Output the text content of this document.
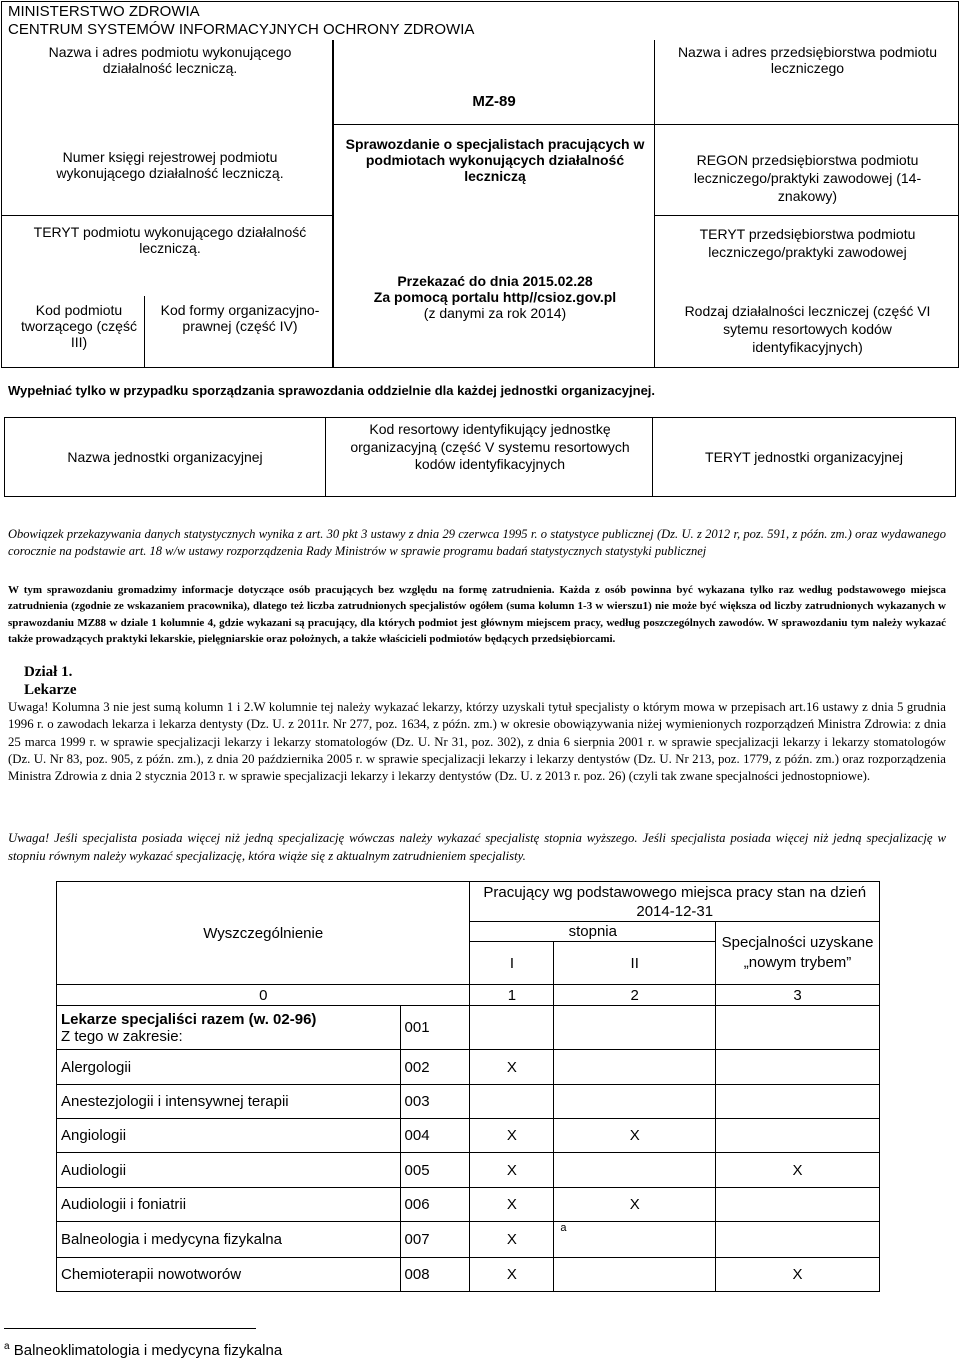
MINISTERSTWO ZDROWIA
CENTRUM SYSTEMÓW INFORMACYJNYCH OCHRONY ZDROWIA
Nazwa i adres podmiotu wykonującego działalność leczniczą.
Numer księgi rejestrowej podmiotu wykonującego działalność leczniczą.
TERYT podmiotu wykonującego działalność leczniczą.
Kod podmiotu tworzącego (część III)
Kod formy organizacyjno-prawnej (część IV)
MZ-89
Sprawozdanie o specjalistach pracujących w podmiotach wykonujących działalność leczniczą
Przekazać do dnia 2015.02.28
Za pomocą portalu http//csioz.gov.pl
(z danymi za rok 2014)
Nazwa i adres przedsiębiorstwa podmiotu leczniczego
REGON przedsiębiorstwa podmiotu leczniczego/praktyki zawodowej (14-znakowy)
TERYT przedsiębiorstwa podmiotu leczniczego/praktyki zawodowej
Rodzaj działalności leczniczej (część VI sytemu resortowych kodów identyfikacyjnych)
Wypełniać tylko w przypadku sporządzania sprawozdania oddzielnie dla każdej jednostki organizacyjnej.
Nazwa jednostki organizacyjnej
Kod resortowy identyfikujący jednostkę organizacyjną (część V systemu resortowych kodów identyfikacyjnych	TERYT jednostki organizacyjnej
Obowiązek przekazywania danych statystycznych wynika z art. 30 pkt 3 ustawy z dnia 29 czerwca 1995 r. o statystyce publicznej (Dz. U. z 2012 r, poz. 591, z późn. zm.) oraz wydawanego corocznie na podstawie art. 18 w/w ustawy rozporządzenia Rady Ministrów w sprawie programu badań statystycznych statystyki publicznej
W tym sprawozdaniu gromadzimy informacje dotyczące osób pracujących bez względu na formę zatrudnienia. Każda z osób powinna być wykazana tylko raz według podstawowego miejsca zatrudnienia (zgodnie ze wskazaniem pracownika), dlatego też liczba zatrudnionych specjalistów ogółem (suma kolumn 1-3 w wierszu1) nie może być większa od liczby zatrudnionych wykazanych w sprawozdaniu MZ88 w dziale 1 kolumnie 4, gdzie wykazani są pracujący, dla których podmiot jest głównym miejscem pracy, według poszczególnych zawodów. W sprawozdaniu tym należy wykazać także prowadzących praktyki lekarskie, pielęgniarskie oraz położnych, a także właścicieli podmiotów będących przedsiębiorcami.
Dział 1.
Lekarze
Uwaga! Kolumna 3 nie jest sumą kolumn 1 i 2.W kolumnie tej należy wykazać lekarzy, którzy uzyskali tytuł specjalisty o którym mowa w przepisach art.16 ustawy z dnia 5 grudnia 1996 r. o zawodach lekarza i lekarza dentysty (Dz. U. z 2011r. Nr 277, poz. 1634, z późn. zm.) w okresie obowiązywania niżej wymienionych rozporządzeń Ministra Zdrowia: z dnia 25 marca 1999 r. w sprawie specjalizacji lekarzy i lekarzy stomatologów (Dz. U. Nr 31, poz. 302), z dnia 6 sierpnia 2001 r. w sprawie specjalizacji lekarzy i lekarzy stomatologów (Dz. U. Nr 83, poz. 905, z późn. zm.), z dnia 20 października 2005 r. w sprawie specjalizacji lekarzy i lekarzy dentystów (Dz. U. Nr 213, poz. 1779, z późn. zm.) oraz rozporządzenia Ministra Zdrowia z dnia 2 stycznia 2013 r. w sprawie specjalizacji lekarzy i lekarzy dentystów (Dz. U. z 2013 r. poz. 26) (czyli tak zwane specjalności jednostopniowe).
Uwaga! Jeśli specjalista posiada więcej niż jedną specjalizację wówczas należy wykazać specjalistę stopnia wyższego. Jeśli specjalista posiada więcej niż jedną specjalizację w stopniu równym należy wykazać specjalizację, która wiąże się z aktualnym zatrudnieniem specjalisty.
Wyszczególnienie		Pracujący wg podstawowego miejsca pracy stan na dzień 2014-12-31		
		stopnia		Specjalności uzyskane „nowym trybem”
		I	II	
0		1	2	3

Lekarze specjaliści razem (w. 02-96)
Z tego w zakresie:	001			
Alergologii	002	X		
Anestezjologii i intensywnej terapii	003			
Angiologii	004	X	X	
Audiologii	005	X		X
Audiologii i foniatrii	006	X	X	
Balneologia i medycyna fizykalna	007	X	a	
Chemioterapii nowotworów	008	X		X
$^a$ Balneoklimatologia i medycyna fizykalna
